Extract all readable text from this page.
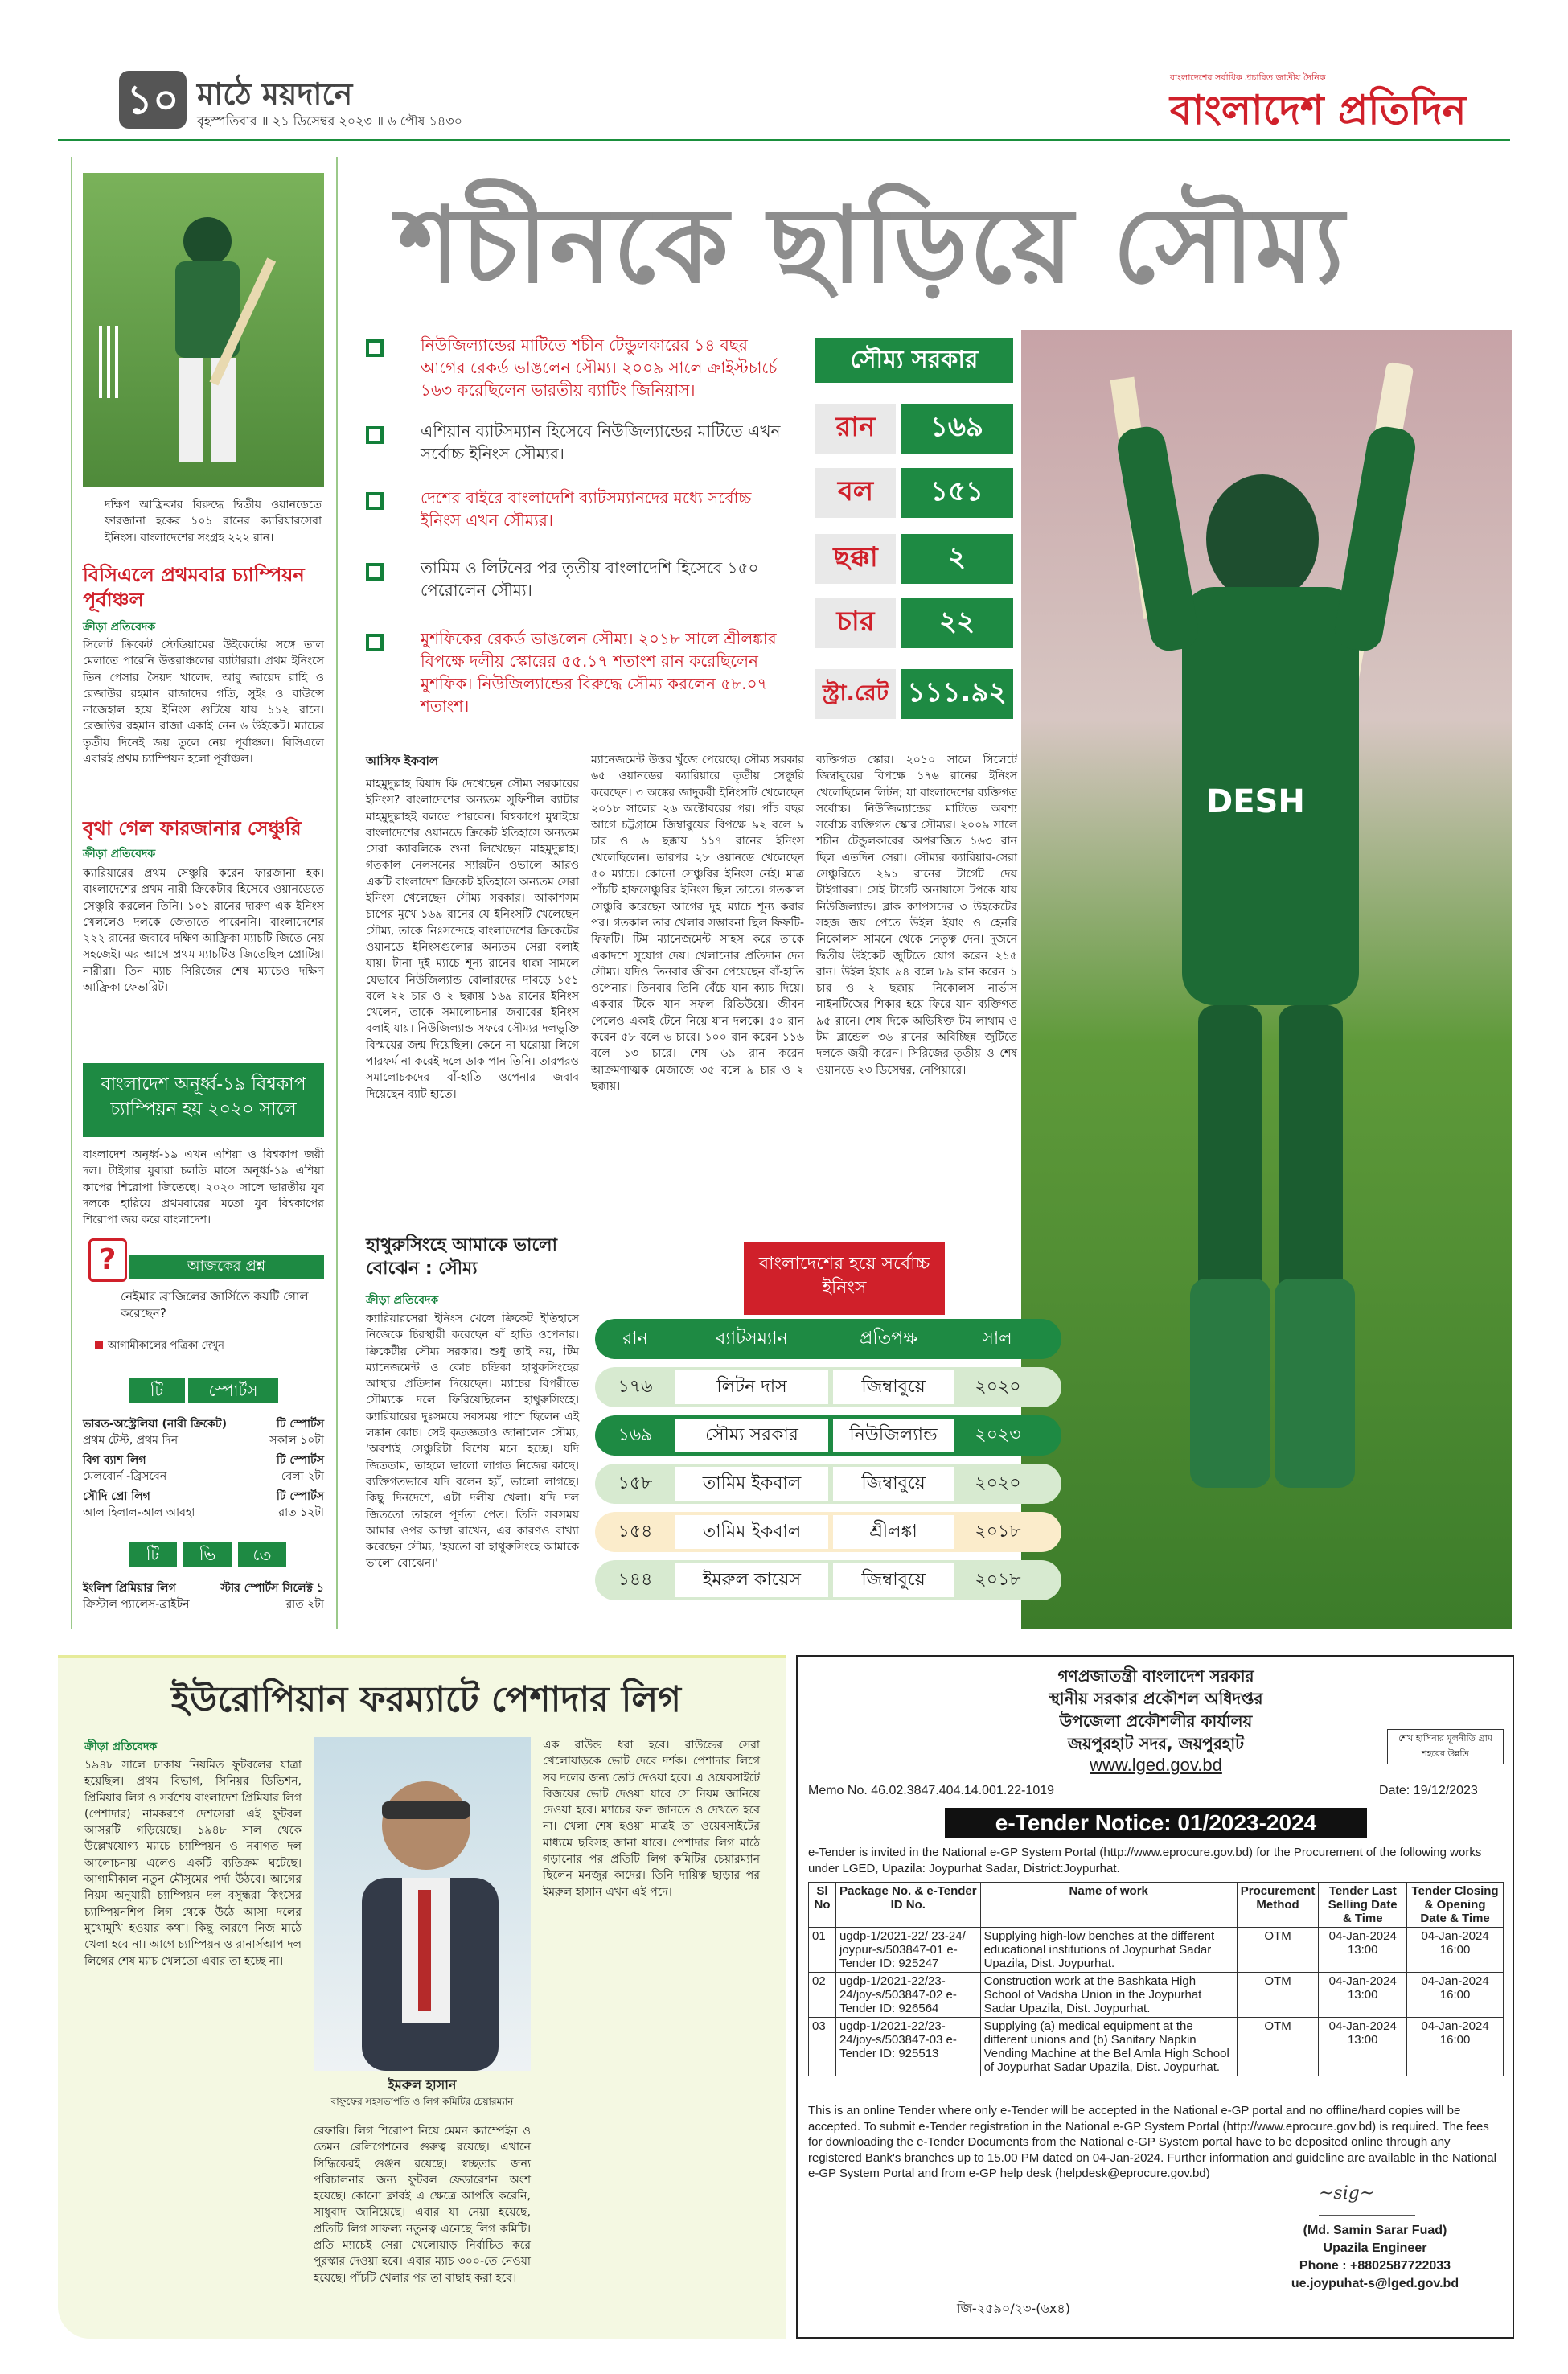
১০ মাঠে ময়দানে
বৃহস্পতিবার ॥ ২১ ডিসেম্বর ২০২৩ ॥ ৬ পৌষ ১৪৩০
বাংলাদেশের সর্বাধিক প্রচারিত জাতীয় দৈনিক
বাংলাদেশ প্রতিদিন
দক্ষিণ আফ্রিকার বিরুদ্ধে দ্বিতীয় ওয়ানডেতে ফারজানা হকের ১০১ রানের ক্যারিয়ারসেরা ইনিংস। বাংলাদেশের সংগ্রহ ২২২ রান।
বিসিএলে প্রথমবার চ্যাম্পিয়ন পূর্বাঞ্চল
ক্রীড়া প্রতিবেদক
সিলেট ক্রিকেট স্টেডিয়ামের উইকেটের সঙ্গে তাল মেলাতে পারেনি উত্তরাঞ্চলের ব্যাটাররা। প্রথম ইনিংসে তিন পেসার সৈয়দ খালেদ, আবু জায়েদ রাহি ও রেজাউর রহমান রাজাদের গতি, সুইং ও বাউন্সে নাজেহাল হয়ে ইনিংস গুটিয়ে যায় ১১২ রানে। রেজাউর রহমান রাজা একাই নেন ৬ উইকেট। ম্যাচের তৃতীয় দিনেই জয় তুলে নেয় পূর্বাঞ্চল। বিসিএলে এবারই প্রথম চ্যাম্পিয়ন হলো পূর্বাঞ্চল।
বৃথা গেল ফারজানার সেঞ্চুরি
ক্রীড়া প্রতিবেদক
ক্যারিয়ারের প্রথম সেঞ্চুরি করেন ফারজানা হক। বাংলাদেশের প্রথম নারী ক্রিকেটার হিসেবে ওয়ানডেতে সেঞ্চুরি করলেন তিনি। ১০১ রানের দারুণ এক ইনিংস খেললেও দলকে জেতাতে পারেননি। বাংলাদেশের ২২২ রানের জবাবে দক্ষিণ আফ্রিকা ম্যাচটি জিতে নেয় সহজেই। এর আগে প্রথম ম্যাচটিও জিতেছিল প্রোটিয়া নারীরা। তিন ম্যাচ সিরিজের শেষ ম্যাচেও দক্ষিণ আফ্রিকা ফেভারিট।
বাংলাদেশ অনূর্ধ্ব-১৯ বিশ্বকাপ চ্যাম্পিয়ন হয় ২০২০ সালে
বাংলাদেশ অনূর্ধ্ব-১৯ এখন এশিয়া ও বিশ্বকাপ জয়ী দল। টাইগার যুবারা চলতি মাসে অনূর্ধ্ব-১৯ এশিয়া কাপের শিরোপা জিতেছে। ২০২০ সালে ভারতীয় যুব দলকে হারিয়ে প্রথমবারের মতো যুব বিশ্বকাপের শিরোপা জয় করে বাংলাদেশ।
?	আজকের প্রশ্ন
নেইমার ব্রাজিলের জার্সিতে কয়টি গোল করেছেন?
আগামীকালের পত্রিকা দেখুন
টি	স্পোর্টস
ভারত-অস্ট্রেলিয়া (নারী ক্রিকেট)	টি স্পোর্টস
প্রথম টেস্ট, প্রথম দিন	সকাল ১০টা
বিগ ব্যাশ লিগ	টি স্পোর্টস
মেলবোর্ন -ব্রিসবেন	বেলা ২টা
সৌদি প্রো লিগ	টি স্পোর্টস
আল হিলাল-আল আবহা	রাত ১২টা
টি	ভি	তে
ইংলিশ প্রিমিয়ার লিগ	স্টার স্পোর্টস সিলেক্ট ১
ক্রিস্টাল প্যালেস-ব্রাইটন	রাত ২টা
শচীনকে ছাড়িয়ে সৌম্য
নিউজিল্যান্ডের মাটিতে শচীন টেন্ডুলকারের ১৪ বছর আগের রেকর্ড ভাঙলেন সৌম্য। ২০০৯ সালে ক্রাইস্টচার্চে ১৬৩ করেছিলেন ভারতীয় ব্যাটিং জিনিয়াস।
এশিয়ান ব্যাটসম্যান হিসেবে নিউজিল্যান্ডের মাটিতে এখন সর্বোচ্চ ইনিংস সৌম্যর।
দেশের বাইরে বাংলাদেশি ব্যাটসম্যানদের মধ্যে সর্বোচ্চ ইনিংস এখন সৌম্যর।
তামিম ও লিটনের পর তৃতীয় বাংলাদেশি হিসেবে ১৫০ পেরোলেন সৌম্য।
মুশফিকের রেকর্ড ভাঙলেন সৌম্য। ২০১৮ সালে শ্রীলঙ্কার বিপক্ষে দলীয় স্কোরের ৫৫.১৭ শতাংশ রান করেছিলেন মুশফিক। নিউজিল্যান্ডের বিরুদ্ধে সৌম্য করলেন ৫৮.০৭ শতাংশ।
সৌম্য সরকার
রান	১৬৯
বল	১৫১
ছক্কা	২
চার	২২
স্ট্রা.রেট ১১১.৯২
DESH
আসিফ ইকবাল
মাহমুদুল্লাহ রিয়াদ কি দেখেছেন সৌম্য সরকারের ইনিংস? বাংলাদেশের অন্যতম সুফিশীল ব্যাটার মাহমুদুল্লাহই বলতে পারবেন। বিশ্বকাপে মুম্বাইয়ে বাংলাদেশের ওয়ানডে ক্রিকেট ইতিহাসে অন্যতম সেরা ক্যাবলিকে শুনা লিখেছেন মাহমুদুল্লাহ। গতকাল নেলসনের স্যাক্সটন ওভালে আরও একটি বাংলাদেশ ক্রিকেট ইতিহাসে অন্যতম সেরা ইনিংস খেলেছেন সৌম্য সরকার। আকাশসম চাপের মুখে ১৬৯ রানের যে ইনিংসটি খেলেছেন সৌম্য, তাকে নিঃসন্দেহে বাংলাদেশের ক্রিকেটের ওয়ানডে ইনিংসগুলোর অন্যতম সেরা বলাই যায়। টানা দুই ম্যাচে শূন্য রানের ধাক্কা সামলে যেভাবে নিউজিল্যান্ড বোলারদের দাবড়ে ১৫১ বলে ২২ চার ও ২ ছক্কায় ১৬৯ রানের ইনিংস খেলেন, তাকে সমালোচনার জবাবের ইনিংস বলাই যায়। নিউজিল্যান্ড সফরে সৌম্যর দলভুক্তি বিস্ময়ের জন্ম দিয়েছিল। কেনে না ঘরোয়া লিগে পারফর্ম না করেই দলে ডাক পান তিনি। তারপরও সমালোচকদের বাঁ-হাতি ওপেনার জবাব দিয়েছেন ব্যাট হাতে।
ম্যানেজমেন্ট উত্তর খুঁজে পেয়েছে। সৌম্য সরকার ৬৫ ওয়ানডের ক্যারিয়ারে তৃতীয় সেঞ্চুরি করেছেন। ৩ অঙ্কের জাদুকরী ইনিংসটি খেলেছেন ২০১৮ সালের ২৬ অক্টোবরের পর। পাঁচ বছর আগে চট্টগ্রামে জিম্বাবুয়ের বিপক্ষে ৯২ বলে ৯ চার ও ৬ ছক্কায় ১১৭ রানের ইনিংস খেলেছিলেন। তারপর ২৮ ওয়ানডে খেলেছেন ৫০ ম্যাচে। কোনো সেঞ্চুরির ইনিংস নেই। মাত্র পাঁচটি হাফসেঞ্চুরির ইনিংস ছিল তাতে। গতকাল সেঞ্চুরি করেছেন আগের দুই ম্যাচে শূন্য করার পর। গতকাল তার খেলার সম্ভাবনা ছিল ফিফটি-ফিফটি। টিম ম্যানেজমেন্ট সাহস করে তাকে একাদশে সুযোগ দেয়। খেলানোর প্রতিদান দেন সৌম্য। যদিও তিনবার জীবন পেয়েছেন বাঁ-হাতি ওপেনার। তিনবার তিনি বেঁচে যান ক্যাচ দিয়ে। একবার টিকে যান সফল রিভিউয়ে। জীবন পেলেও একাই টেনে নিয়ে যান দলকে। ৫০ রান করেন ৫৮ বলে ৬ চারে। ১০০ রান করেন ১১৬ বলে ১৩ চারে। শেষ ৬৯ রান করেন আক্রমণাত্মক মেজাজে ৩৫ বলে ৯ চার ও ২ ছক্কায়।
ব্যক্তিগত স্কোর। ২০১০ সালে সিলেটে জিম্বাবুয়ের বিপক্ষে ১৭৬ রানের ইনিংস খেলেছিলেন লিটন; যা বাংলাদেশের ব্যক্তিগত সর্বোচ্চ। নিউজিল্যান্ডের মাটিতে অবশ্য সর্বোচ্চ ব্যক্তিগত স্কোর সৌম্যর। ২০০৯ সালে শচীন টেন্ডুলকারের অপরাজিত ১৬৩ রান ছিল এতদিন সেরা। সৌম্যর ক্যারিয়ার-সেরা সেঞ্চুরিতে ২৯১ রানের টার্গেট দেয় টাইগাররা। সেই টার্গেট অনায়াসে টপকে যায় নিউজিল্যান্ড। ব্লাক ক্যাপসদের ৩ উইকেটের সহজ জয় পেতে উইল ইয়াং ও হেনরি নিকোলস সামনে থেকে নেতৃত্ব দেন। দুজনে দ্বিতীয় উইকেট জুটিতে যোগ করেন ২১৫ রান। উইল ইয়াং ৯৪ বলে ৮৯ রান করেন ১ চার ও ২ ছক্কায়। নিকোলস নার্ভাস নাইনটিজের শিকার হয়ে ফিরে যান ব্যক্তিগত ৯৫ রানে। শেষ দিকে অভিষিক্ত টম লাথাম ও টম ব্লান্ডেল ৩৬ রানের অবিচ্ছিন্ন জুটিতে দলকে জয়ী করেন। সিরিজের তৃতীয় ও শেষ ওয়ানডে ২৩ ডিসেম্বর, নেপিয়ারে।
হাথুরুসিংহে আমাকে ভালো বোঝেন : সৌম্য
ক্রীড়া প্রতিবেদক
ক্যারিয়ারসেরা ইনিংস খেলে ক্রিকেট ইতিহাসে নিজেকে চিরস্থায়ী করেছেন বাঁ হাতি ওপেনার। ক্রিকেটীয় সৌম্য সরকার। শুধু তাই নয়, টিম ম্যানেজমেন্ট ও কোচ চন্ডিকা হাথুরুসিংহের আস্থার প্রতিদান দিয়েছেন। ম্যাচের বিপরীতে সৌম্যকে দলে ফিরিয়েছিলেন হাথুরুসিংহে। ক্যারিয়ারের দুঃসময়ে সবসময় পাশে ছিলেন এই লঙ্কান কোচ। সেই কৃতজ্ঞতাও জানালেন সৌম্য, 'অবশ্যই সেঞ্চুরিটা বিশেষ মনে হচ্ছে। যদি জিততাম, তাহলে ভালো লাগত নিজের কাছে। ব্যক্তিগতভাবে যদি বলেন হ্যাঁ, ভালো লাগছে। কিছু দিনদেশে, এটা দলীয় খেলা। যদি দল জিততো তাহলে পূর্ণতা পেত। তিনি সবসময় আমার ওপর আস্থা রাখেন, এর কারণও বাখ্যা করেছেন সৌম্য, 'হয়তো বা হাথুরুসিংহে আমাকে ভালো বোঝেন।'
বাংলাদেশের হয়ে সর্বোচ্চ ইনিংস
রান	ব্যাটসম্যান	প্রতিপক্ষ	সাল
১৭৬	লিটন দাস	জিম্বাবুয়ে	২০২০
১৬৯	সৌম্য সরকার	নিউজিল্যান্ড	২০২৩
১৫৮	তামিম ইকবাল	জিম্বাবুয়ে	২০২০
১৫৪	তামিম ইকবাল	শ্রীলঙ্কা	২০১৮
১৪৪	ইমরুল কায়েস	জিম্বাবুয়ে	২০১৮
ইউরোপিয়ান ফরম্যাটে পেশাদার লিগ
ক্রীড়া প্রতিবেদক
১৯৪৮ সালে ঢাকায় নিয়মিত ফুটবলের যাত্রা হয়েছিল। প্রথম বিভাগ, সিনিয়র ডিভিশন, প্রিমিয়ার লিগ ও সর্বশেষ বাংলাদেশ প্রিমিয়ার লিগ (পেশাদার) নামকরণে দেশসেরা এই ফুটবল আসরটি গড়িয়েছে। ১৯৪৮ সাল থেকে উল্লেখযোগ্য ম্যাচে চ্যাম্পিয়ন ও নবাগত দল আলোচনায় এলেও একটি ব্যতিক্রম ঘটেছে। আগামীকাল নতুন মৌসুমের পর্দা উঠবে। আগের নিয়ম অনুযায়ী চ্যাম্পিয়ন দল বসুন্ধরা কিংসের চ্যাম্পিয়নশিপ লিগ থেকে উঠে আসা দলের মুখোমুখি হওয়ার কথা। কিছু কারণে নিজ মাঠে খেলা হবে না। আগে চ্যাম্পিয়ন ও রানার্সআপ দল লিগের শেষ ম্যাচ খেলতো এবার তা হচ্ছে না।
ইমরুল হাসান
বাফুফের সহসভাপতি ও লিগ কমিটির চেয়ারম্যান
রেফারি। লিগ শিরোপা নিয়ে মেমন ক্যাম্পেইন ও তেমন রেলিগেশনের গুরুত্ব রয়েছে। এখানে সিদ্ধিকেরই গুঞ্জন রয়েছে। স্বচ্ছতার জন্য পরিচালনার জন্য ফুটবল ফেডারেশন অংশ হয়েছে। কোনো ক্লাবই এ ক্ষেত্রে আপত্তি করেনি, সাধুবাদ জানিয়েছে। এবার যা নেয়া হয়েছে, প্রতিটি লিগ সাফল্য নতুনত্ব এনেছে লিগ কমিটি। প্রতি ম্যাচেই সেরা খেলোয়াড় নির্বাচিত করে পুরস্কার দেওয়া হবে। এবার ম্যাচ ৩০০-তে নেওয়া হয়েছে। পাঁচটি খেলার পর তা বাছাই করা হবে।
এক রাউন্ড ধরা হবে। রাউন্ডের সেরা খেলোয়াড়কে ভোট দেবে দর্শক। পেশাদার লিগে সব দলের জন্য ভোট দেওয়া হবে। এ ওয়েবসাইটে বিজয়ের ভোট দেওয়া যাবে সে নিয়ম জানিয়ে দেওয়া হবে। ম্যাচের ফল জানতে ও দেখতে হবে না। খেলা শেষ হওয়া মাত্রই তা ওয়েবসাইটের মাধ্যমে ছবিসহ জানা যাবে। পেশাদার লিগ মাঠে গড়ানোর পর প্রতিটি লিগ কমিটির চেয়ারম্যান ছিলেন মনজুর কাদের। তিনি দায়িত্ব ছাড়ার পর ইমরুল হাসান এখন এই পদে।
গণপ্রজাতন্ত্রী বাংলাদেশ সরকার
স্থানীয় সরকার প্রকৌশল অধিদপ্তর
উপজেলা প্রকৌশলীর কার্যালয়
জয়পুরহাট সদর, জয়পুরহাট
www.lged.gov.bd
শেখ হাসিনার মূলনীতি গ্রাম শহরের উন্নতি
Memo No. 46.02.3847.404.14.001.22-1019	Date: 19/12/2023
e-Tender Notice: 01/2023-2024
e-Tender is invited in the National e-GP System Portal (http://www.eprocure.gov.bd) for the Procurement of the following works under LGED, Upazila: Joypurhat Sadar, District:Joypurhat.
Sl No	Package No. & e-Tender ID No.	Name of work	Procurement Method	Tender Last Selling Date & Time	Tender Closing & Opening Date & Time
01	ugdp-1/2021-22/ 23-24/ joypur-s/503847-01 e-Tender ID: 925247	Supplying high-low benches at the different educational institutions of Joypurhat Sadar Upazila, Dist. Joypurhat.	OTM	04-Jan-2024 13:00	04-Jan-2024 16:00
02	ugdp-1/2021-22/23-24/joy-s/503847-02 e-Tender ID: 926564	Construction work at the Bashkata High School of Vadsha Union in the Joypurhat Sadar Upazila, Dist. Joypurhat.	OTM	04-Jan-2024 13:00	04-Jan-2024 16:00
03	ugdp-1/2021-22/23-24/joy-s/503847-03 e-Tender ID: 925513	Supplying (a) medical equipment at the different unions and (b) Sanitary Napkin Vending Machine at the Bel Amla High School of Joypurhat Sadar Upazila, Dist. Joypurhat.	OTM	04-Jan-2024 13:00	04-Jan-2024 16:00
This is an online Tender where only e-Tender will be accepted in the National e-GP portal and no offline/hard copies will be accepted. To submit e-Tender registration in the National e-GP System Portal (http://www.eprocure.gov.bd) is required. The fees for downloading the e-Tender Documents from the National e-GP System portal have to be deposited online through any registered Bank's branches up to 15.00 PM dated on 04-Jan-2024. Further information and guideline are available in the National e-GP System Portal and from e-GP help desk (helpdesk@eprocure.gov.bd)
~sig~
(Md. Samin Sarar Fuad)
Upazila Engineer
Phone : +8802587722033
ue.joypuhat-s@lged.gov.bd
জি-২৫৯০/২৩-(৬x৪)
